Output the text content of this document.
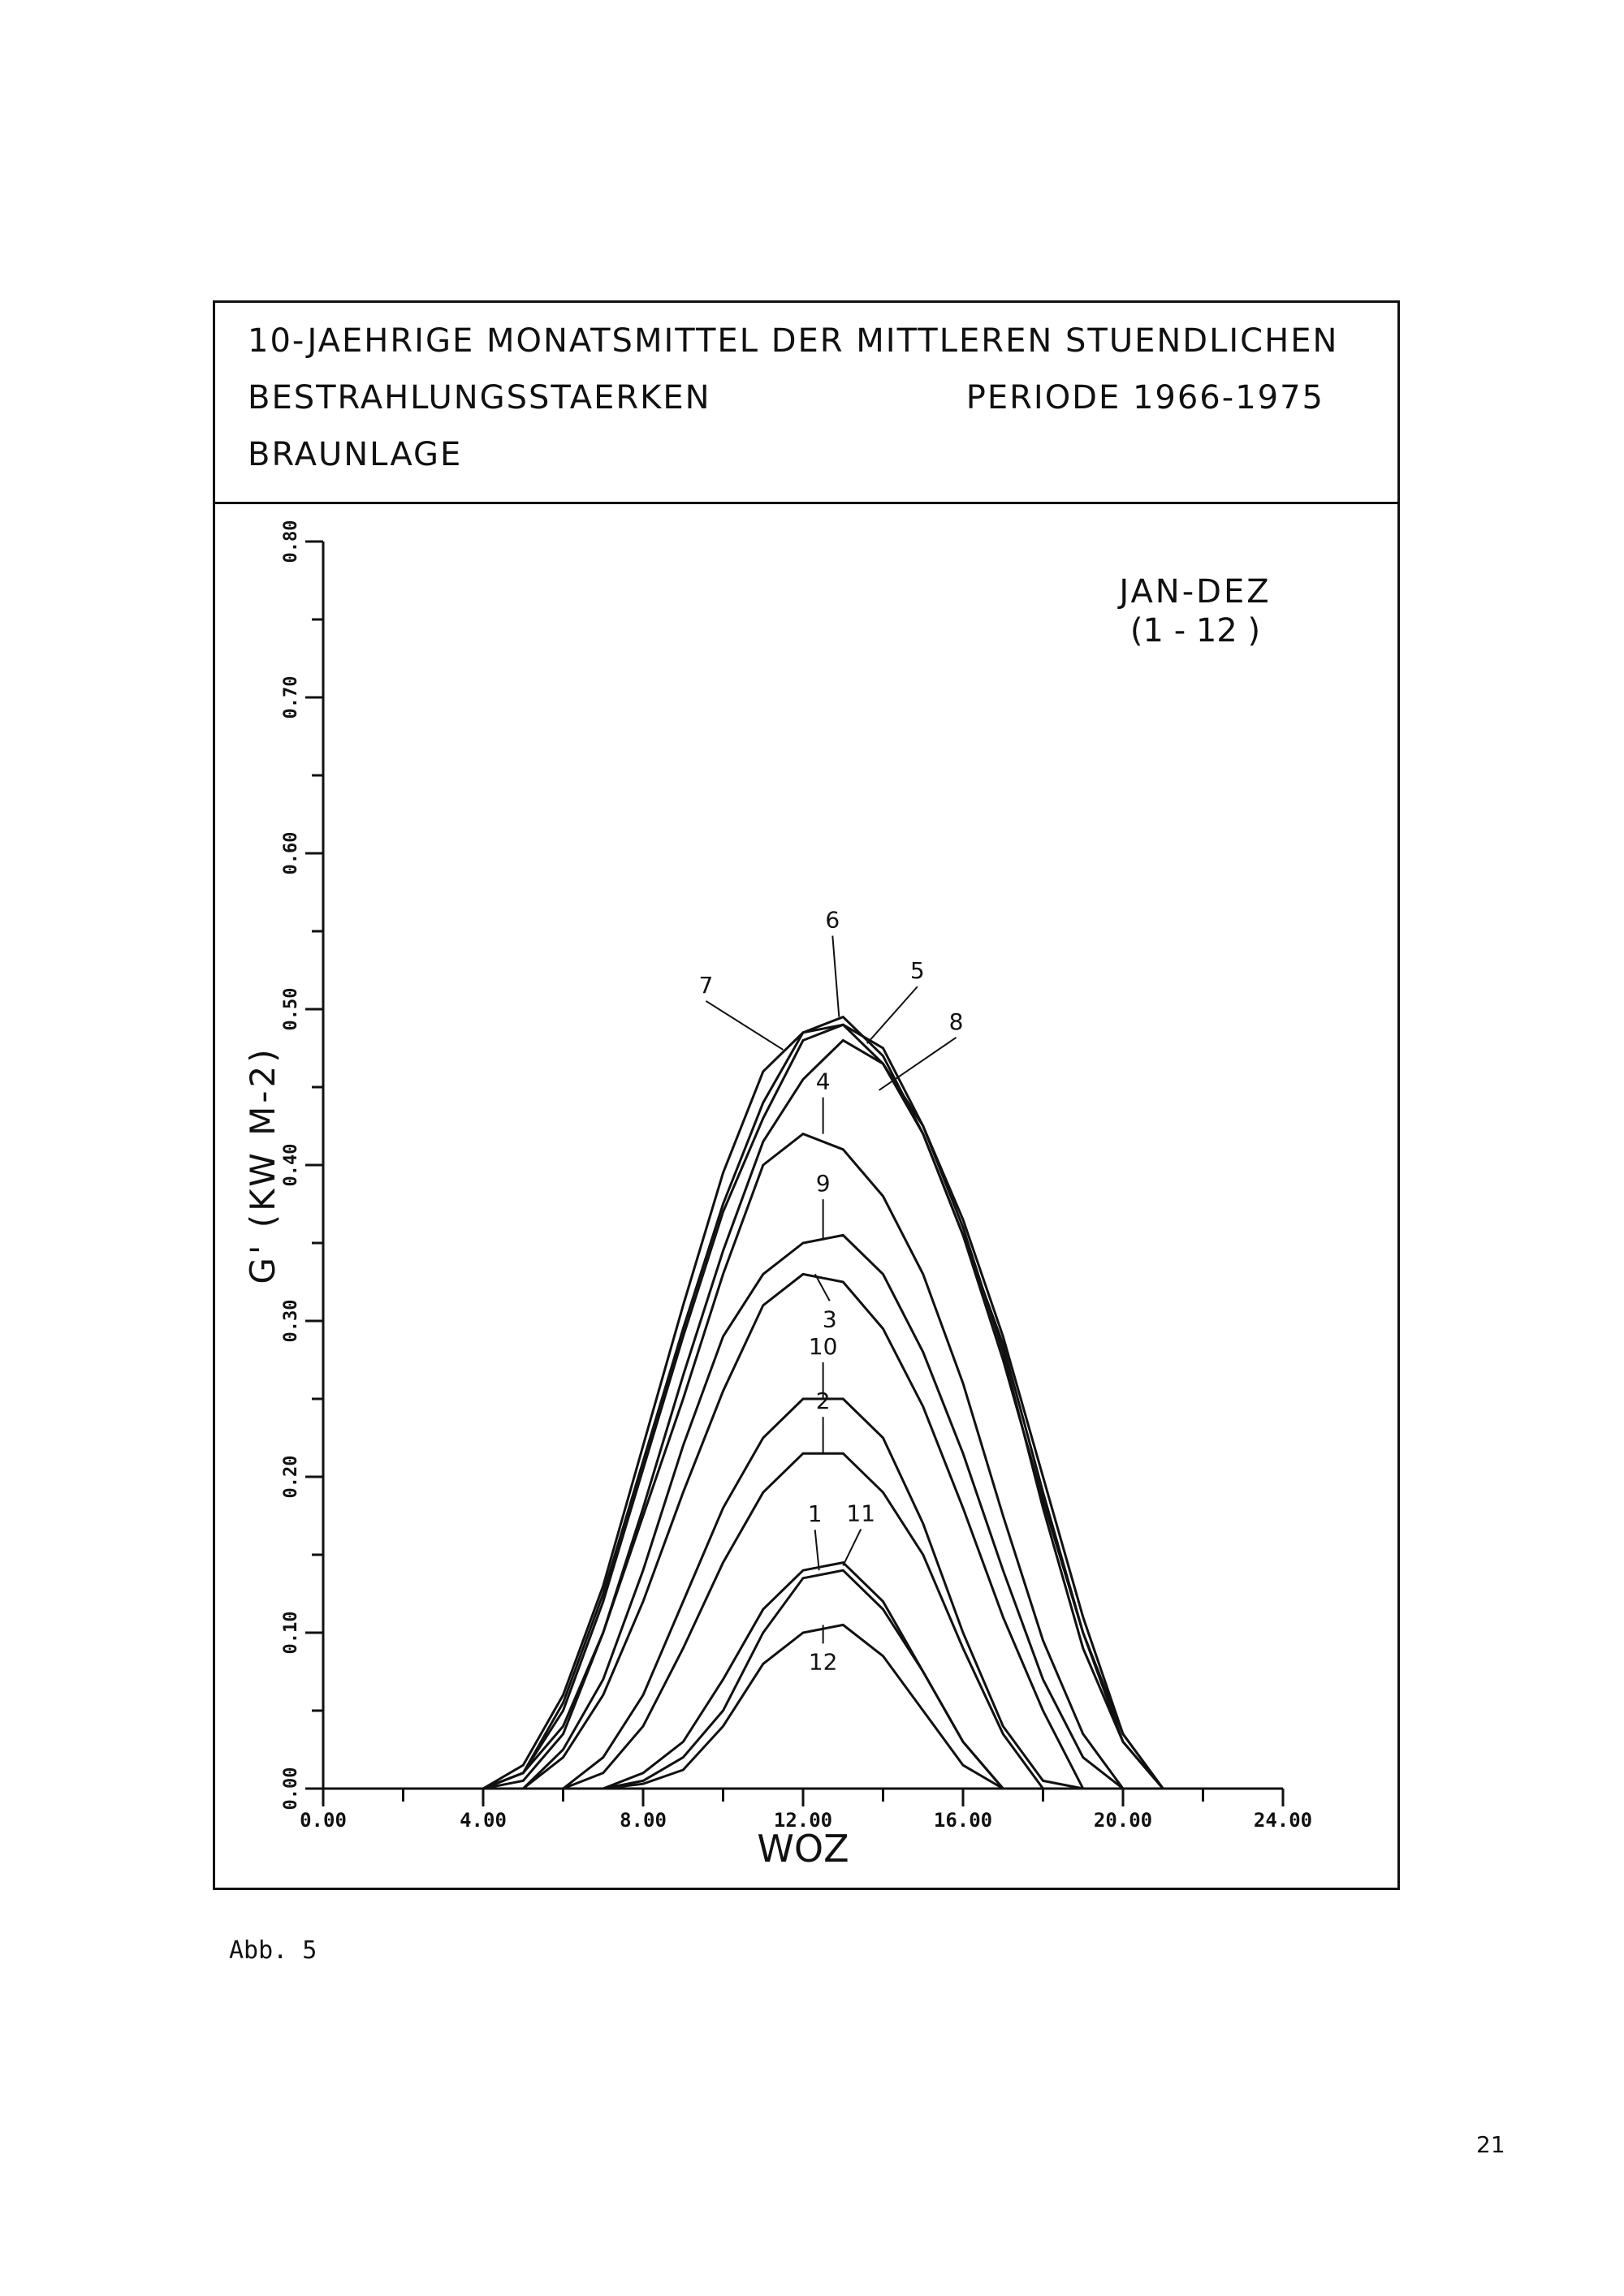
10-JAEHRIGE MONATSMITTEL DER MITTLEREN STUENDLICHEN
BESTRAHLUNGSSTAERKEN	PERIODE 1966-1975
BRAUNLAGE
6
5
7
8
4
9
3
10
2
1 11
12
0.00	4.00	8.00	12.00	16.00	20.00	24.00
0.00
0.10
0.20
0.30
0.40
0.50
0.60
0.70
0.80
WOZ
G' (KW M-2)
JAN-DEZ
(1 - 12 )
Abb. 5
21
